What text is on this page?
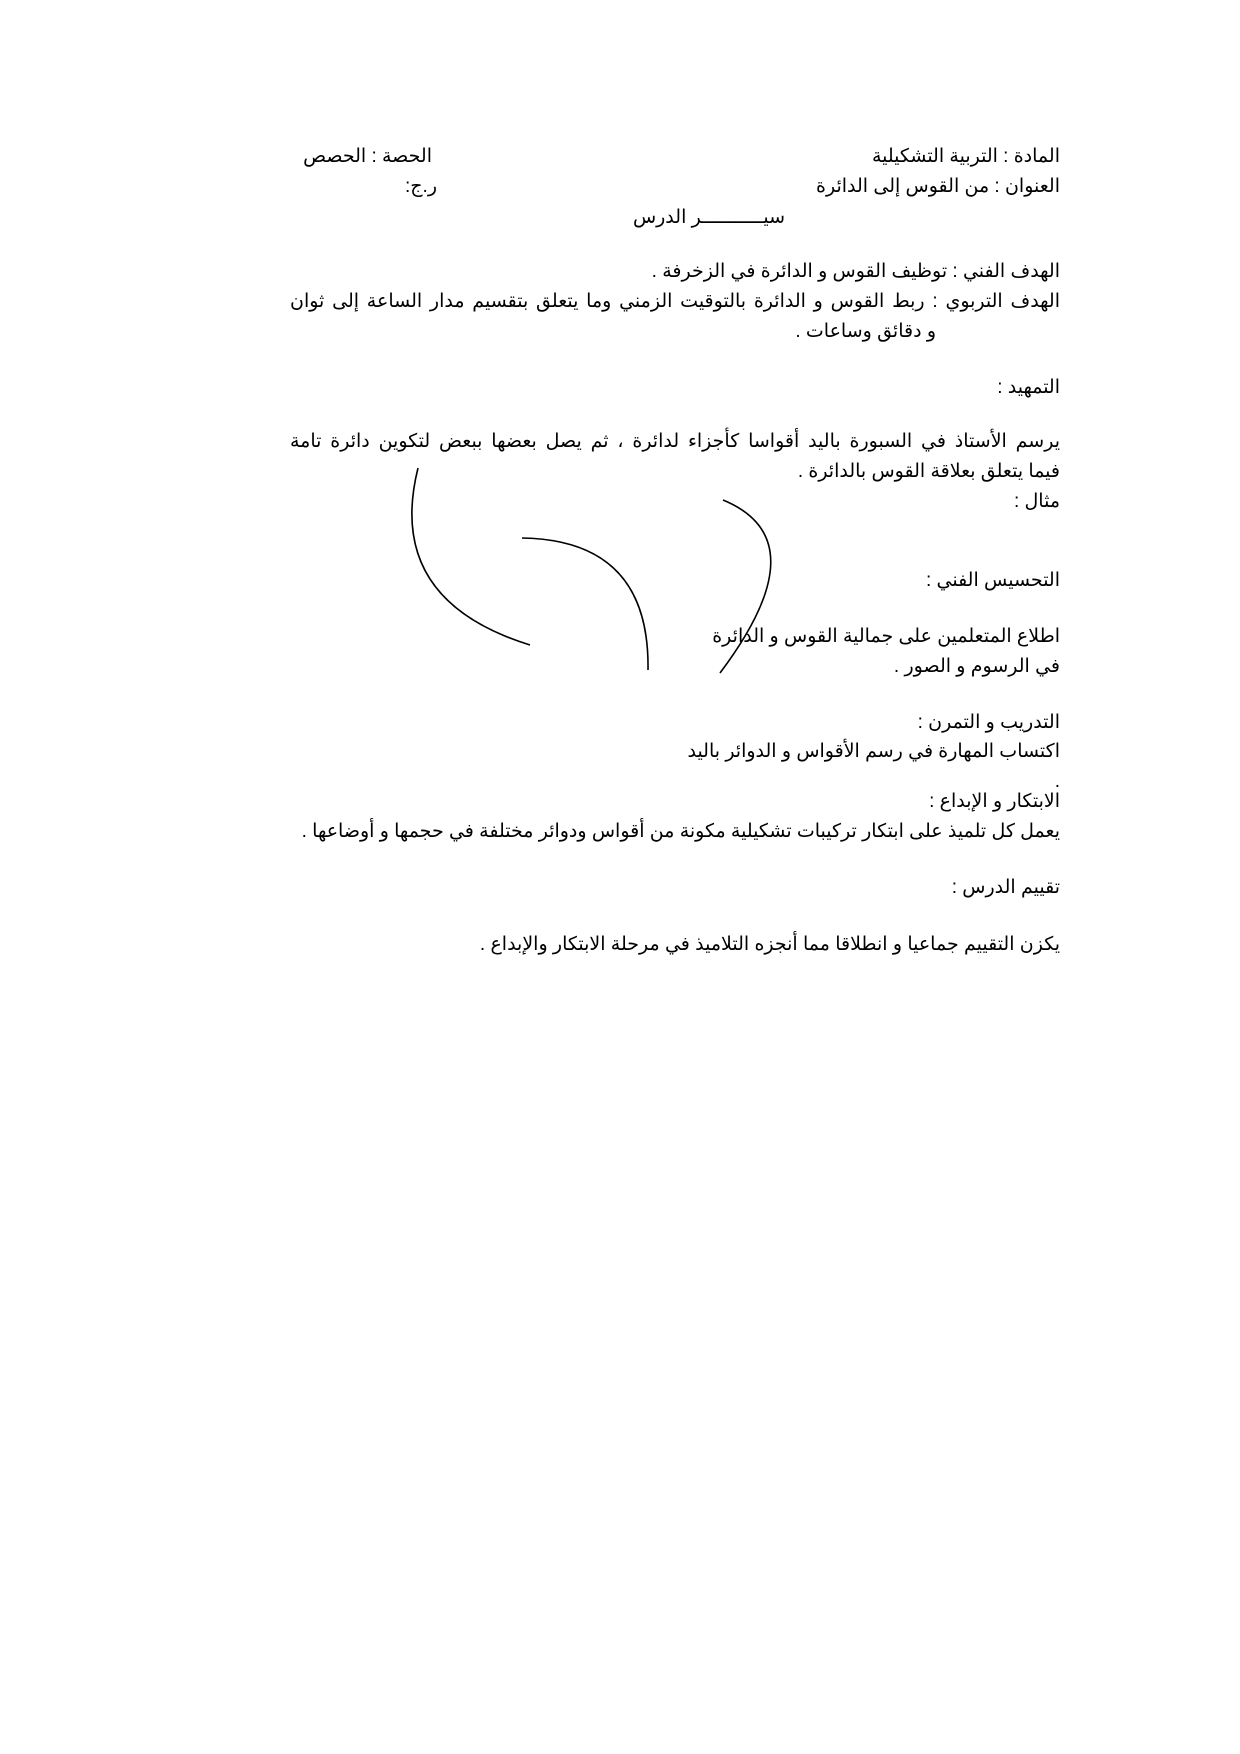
المادة : التربية التشكيلية
الحصة : الحصص
العنوان : من القوس إلى الدائرة
ر.ج:
سيـــــــــــر الدرس
الهدف الفني : توظيف القوس و الدائرة في الزخرفة .
الهدف التربوي : ربط القوس و الدائرة بالتوقيت الزمني وما يتعلق بتقسيم مدار الساعة إلى ثوان
و دقائق وساعات .
التمهيد :
يرسم الأستاذ في السبورة باليد أقواسا كأجزاء لدائرة ، ثم يصل بعضها ببعض لتكوين دائرة تامة
فيما يتعلق بعلاقة القوس بالدائرة .
مثال :
التحسيس الفني :
اطلاع المتعلمين على جمالية القوس و الدائرة
في الرسوم و الصور .
التدريب و التمرن :
اكتساب المهارة في رسم الأقواس و الدوائر باليد
.
الابتكار و الإبداع :
يعمل كل تلميذ على ابتكار تركيبات تشكيلية مكونة من أقواس ودوائر مختلفة في حجمها و أوضاعها .
تقييم الدرس :
يكزن التقييم جماعيا و انطلاقا مما أنجزه التلاميذ في مرحلة الابتكار والإبداع .
